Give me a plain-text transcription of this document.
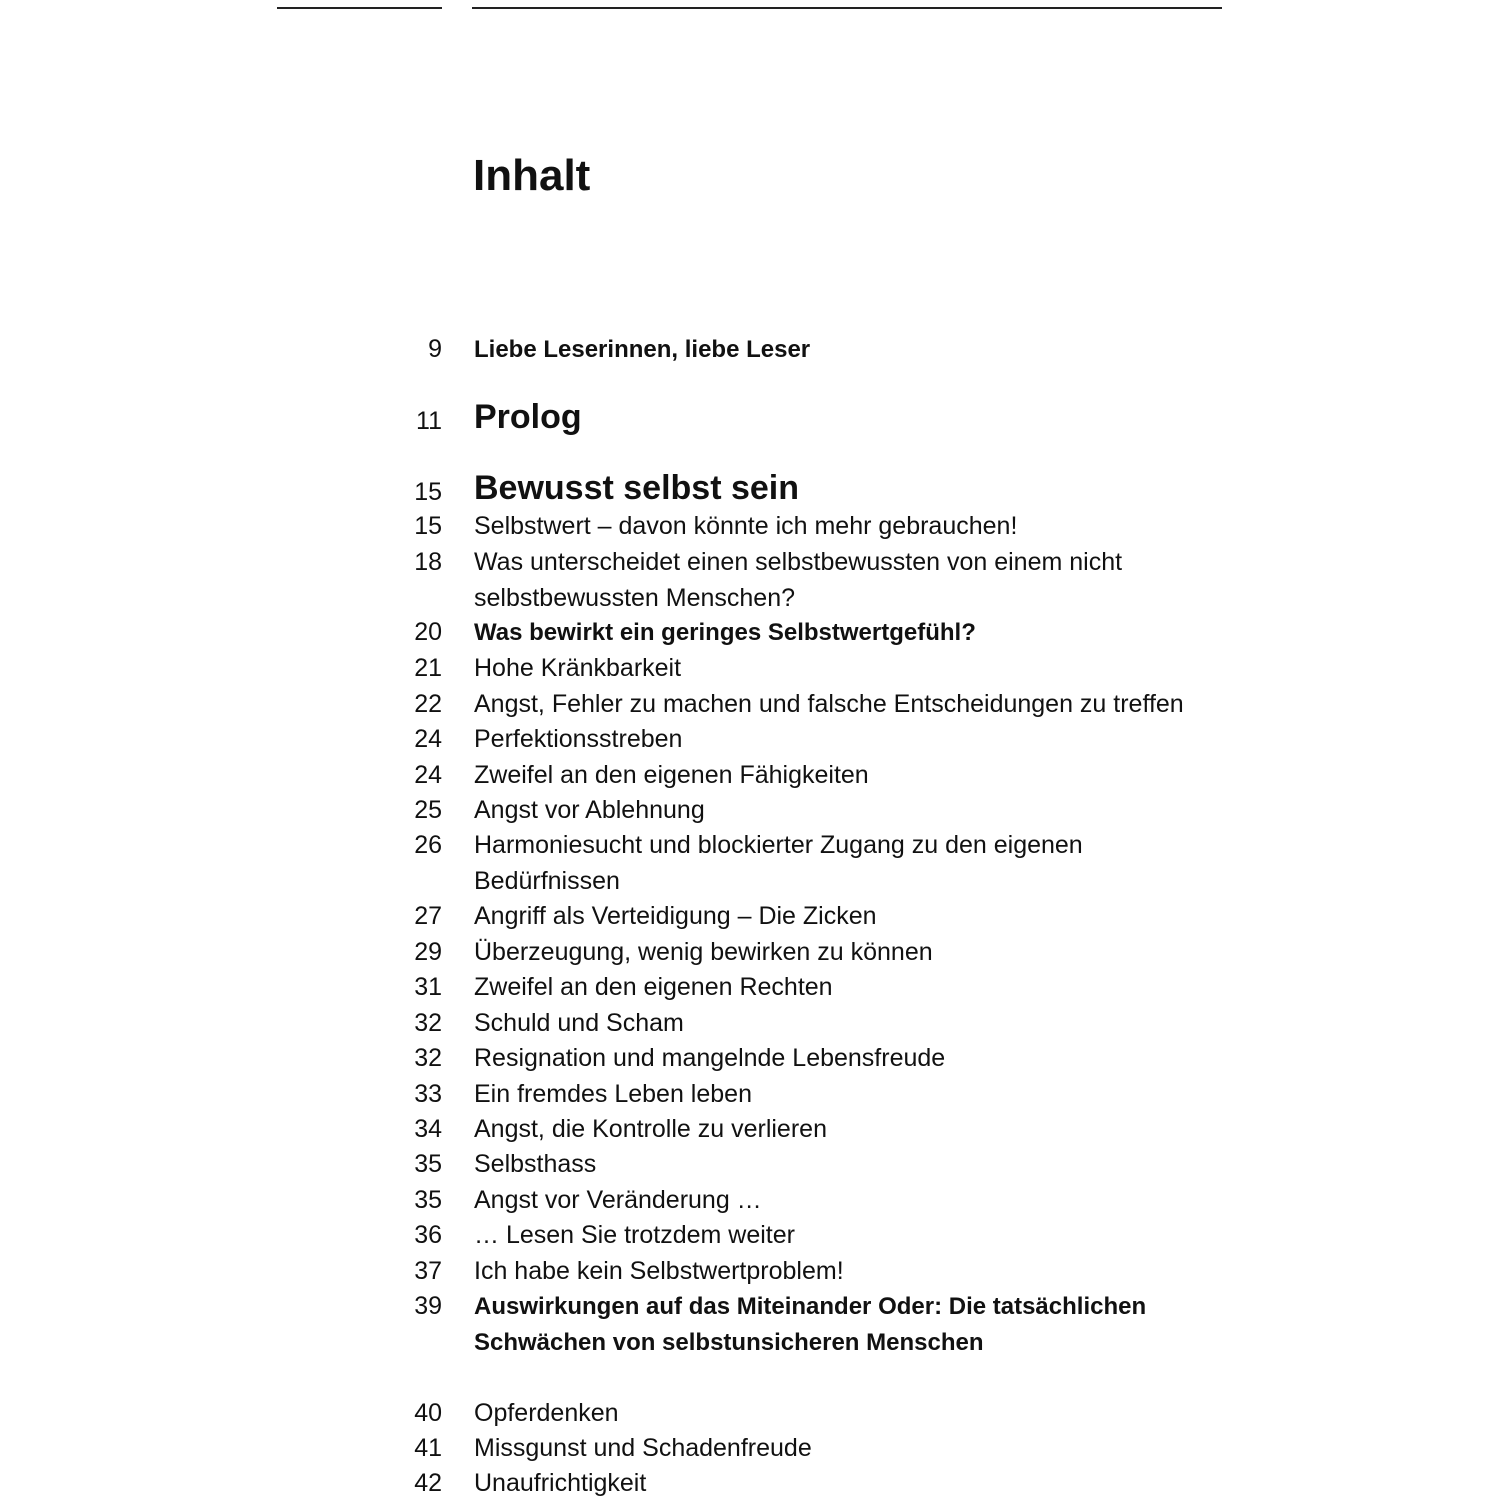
Inhalt
9 Liebe Leserinnen, liebe Leser
11 Prolog
15 Bewusst selbst sein
15 Selbstwert – davon könnte ich mehr gebrauchen!
18 Was unterscheidet einen selbstbewussten von einem nicht selbstbewussten Menschen?
20 Was bewirkt ein geringes Selbstwertgefühl?
21 Hohe Kränkbarkeit
22 Angst, Fehler zu machen und falsche Entscheidungen zu treffen
24 Perfektionsstreben
24 Zweifel an den eigenen Fähigkeiten
25 Angst vor Ablehnung
26 Harmoniesucht und blockierter Zugang zu den eigenen Bedürfnissen
27 Angriff als Verteidigung – Die Zicken
29 Überzeugung, wenig bewirken zu können
31 Zweifel an den eigenen Rechten
32 Schuld und Scham
32 Resignation und mangelnde Lebensfreude
33 Ein fremdes Leben leben
34 Angst, die Kontrolle zu verlieren
35 Selbsthass
35 Angst vor Veränderung …
36 … Lesen Sie trotzdem weiter
37 Ich habe kein Selbstwertproblem!
39 Auswirkungen auf das Miteinander Oder: Die tatsächlichen Schwächen von selbstunsicheren Menschen
40 Opferdenken
41 Missgunst und Schadenfreude
42 Unaufrichtigkeit
